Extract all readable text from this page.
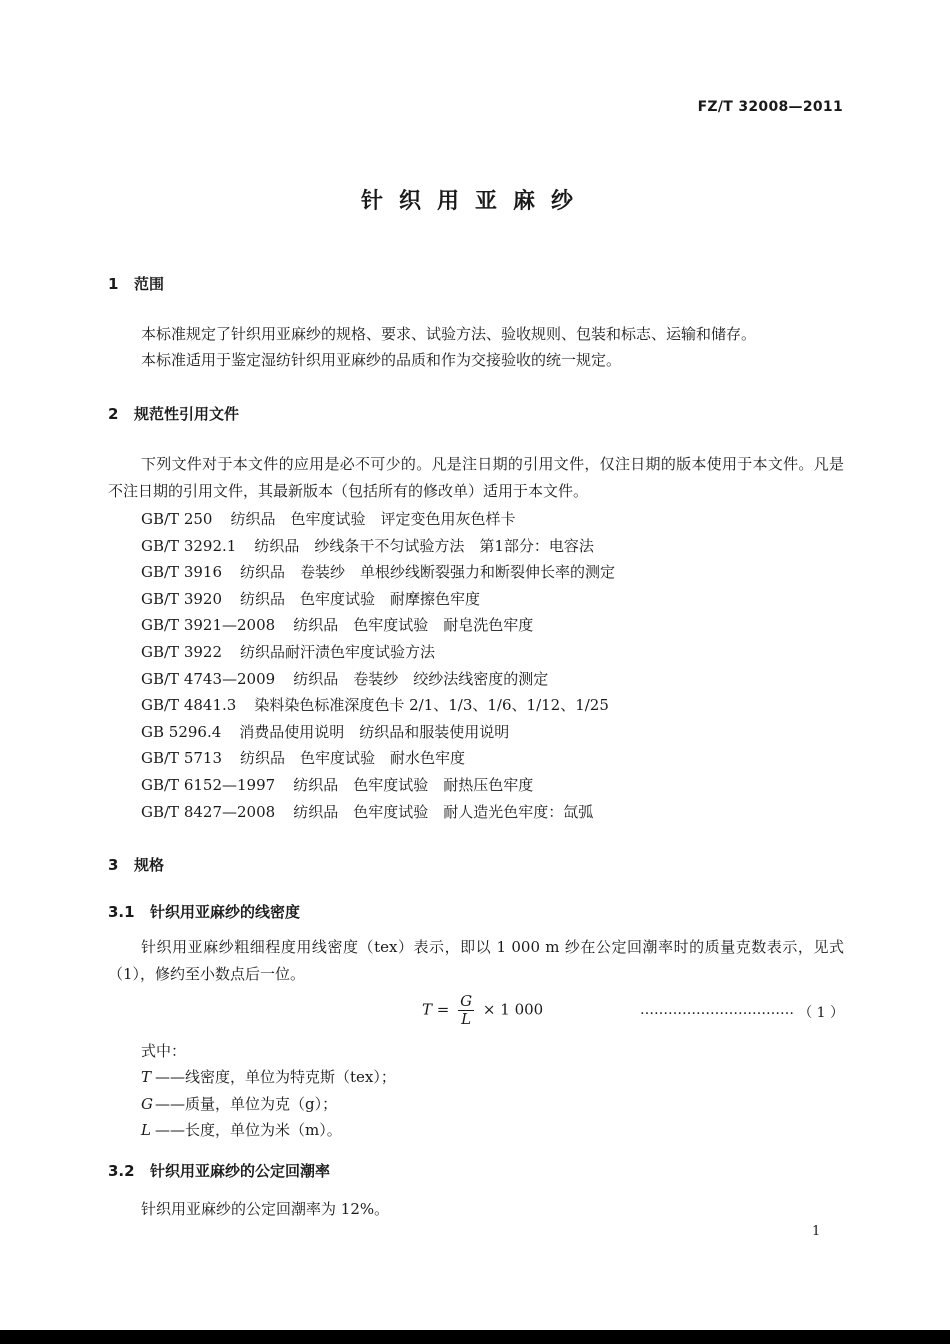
FZ/T 32008—2011
针织用亚麻纱
1 范围
本标准规定了针织用亚麻纱的规格、要求、试验方法、验收规则、包装和标志、运输和储存。
本标准适用于鉴定湿纺针织用亚麻纱的品质和作为交接验收的统一规定。
2 规范性引用文件
下列文件对于本文件的应用是必不可少的。凡是注日期的引用文件，仅注日期的版本使用于本文件。凡是不注日期的引用文件，其最新版本（包括所有的修改单）适用于本文件。
GB/T 250 纺织品　色牢度试验　评定变色用灰色样卡
GB/T 3292.1 纺织品　纱线条干不匀试验方法　第1部分：电容法
GB/T 3916 纺织品　卷装纱　单根纱线断裂强力和断裂伸长率的测定
GB/T 3920 纺织品　色牢度试验　耐摩擦色牢度
GB/T 3921—2008 纺织品　色牢度试验　耐皂洗色牢度
GB/T 3922 纺织品耐汗渍色牢度试验方法
GB/T 4743—2009 纺织品　卷装纱　绞纱法线密度的测定
GB/T 4841.3 染料染色标准深度色卡 2/1、1/3、1/6、1/12、1/25
GB 5296.4 消费品使用说明　纺织品和服装使用说明
GB/T 5713 纺织品　色牢度试验　耐水色牢度
GB/T 6152—1997 纺织品　色牢度试验　耐热压色牢度
GB/T 8427—2008 纺织品　色牢度试验　耐人造光色牢度：氙弧
3 规格
3.1 针织用亚麻纱的线密度
针织用亚麻纱粗细程度用线密度（tex）表示，即以 1 000 m 纱在公定回潮率时的质量克数表示，见式（1），修约至小数点后一位。
$T = \frac{G}{L} \times 1$ 000	…………………………… （ 1 ）
式中：
T ——线密度，单位为特克斯（tex）；
G ——质量，单位为克（g）；
L ——长度，单位为米（m）。
3.2 针织用亚麻纱的公定回潮率
针织用亚麻纱的公定回潮率为 12%。
1
